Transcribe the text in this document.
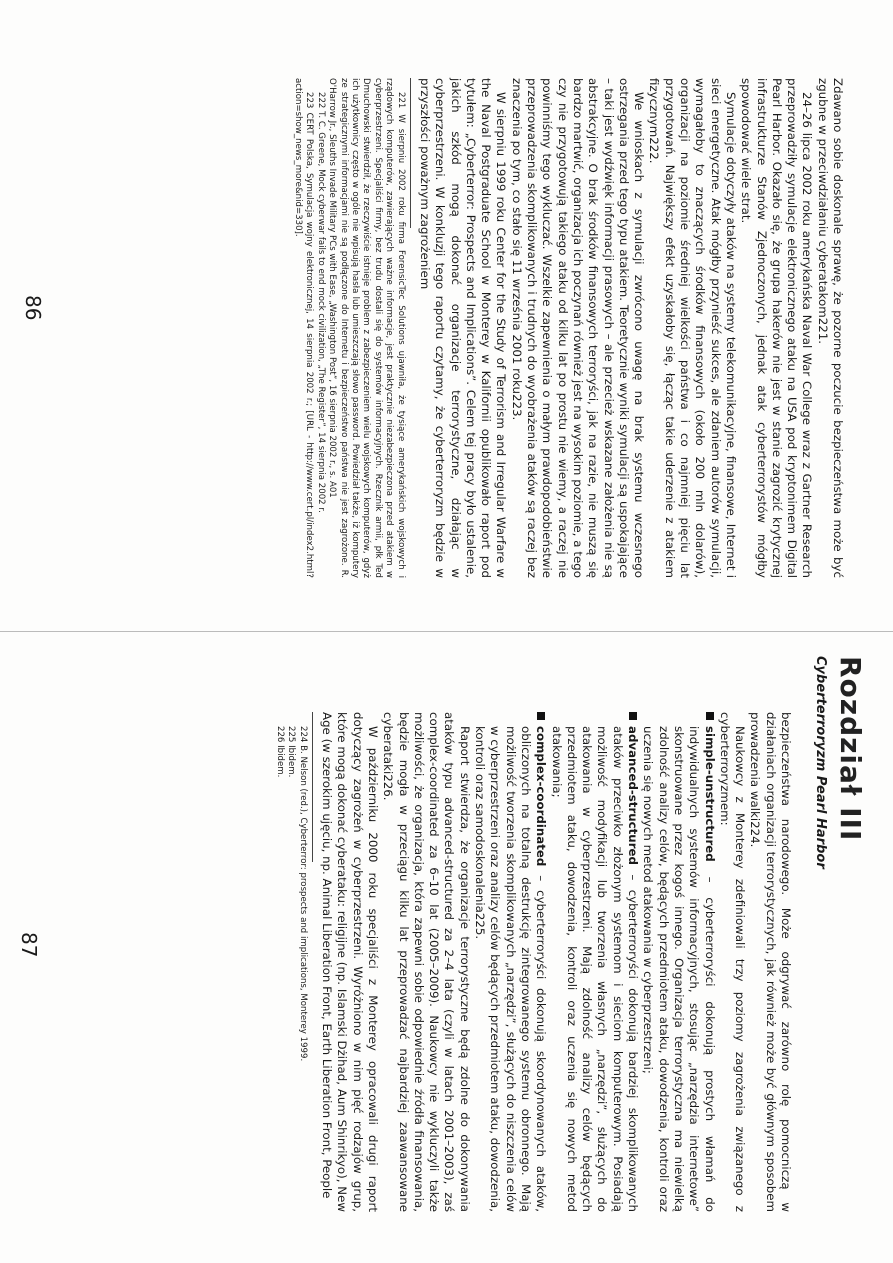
Zdawano sobie doskonale sprawę, że pozorne poczucie bezpieczeństwa może być zgubne w przeciwdziałaniu cyberatakom221.

24–26 lipca 2002 roku amerykańska Naval War College wraz z Gartner Research przeprowadziły symulacje elektronicznego ataku na USA pod kryptonimem Digital Pearl Harbor. Okazało się, że grupa hakerów nie jest w stanie zagrozić krytycznej infrastrukturze Stanów Zjednoczonych, jednak atak cyberterrorystów mógłby spowodować wiele strat.

Symulacje dotyczyły ataków na systemy telekomunikacyjne, finansowe, Internet i sieci energetyczne. Atak mógłby przynieść sukces, ale zdaniem autorów symulacji, wymagałoby to znaczących środków finansowych (około 200 mln dolarów), organizacji na poziomie średniej wielkości państwa i co najmniej pięciu lat przygotowań. Największy efekt uzyskałoby się, łącząc takie uderzenie z atakiem fizycznym222.

We wnioskach z symulacji zwrócono uwagę na brak systemu wczesnego ostrzegania przed tego typu atakiem. Teoretycznie wyniki symulacji są uspokajające – taki jest wydźwięk informacji prasowych – ale przecież wskazane założenia nie są abstrakcyjne. O brak środków finansowych terroryści, jak na razie, nie muszą się bardzo martwić, organizacja ich poczynań również jest na wysokim poziomie, a tego czy nie przygotowują takiego ataku od kilku lat po prostu nie wiemy, a raczej nie powinniśmy tego wykluczać. Wszelkie zapewnienia o małym prawdopodobieństwie przeprowadzenia skomplikowanych i trudnych do wyobrażenia ataków są raczej bez znaczenia po tym, co stało się 11 września 2001 roku223.

W sierpniu 1999 roku Center for the Study of Terrorism and Irregular Warfare w the Naval Postgraduate School w Monterey w Kalifornii opublikowało raport pod tytułem: „Cyberterror: Prospects and Implications”. Celem tej pracy było ustalenie, jakich szkód mogą dokonać organizacje terrorystyczne, działając w cyberprzestrzeni. W konkluzji tego raportu czytamy, że cyberterroryzm będzie w przyszłości poważnym zagrożeniem

221 W sierpniu 2002 roku firma ForensicTec Solutions ujawniła, że tysiące amerykańskich wojskowych i rządowych komputerów, zawierających ważne informacje, jest praktycznie niezabezpieczona przed atakiem w cyberprzestrzeni. Specjaliści firmy, bez trudu dostali się do systemów informacyjnych. Rzecznik armii, płk Ted Dmuchowski stwierdził, że rzeczywiście istnieje problem z zabezpieczeniem wielu wojskowych komputerów, gdyż ich użytkownicy często w ogóle nie wpisują hasła lub umieszczają słowo password. Powiedział także, iż komputery ze strategicznymi informacjami nie są podłączone do Internetu i bezpieczeństwo państwa nie jest zagrożone. R. O'Harrow Jr., Sleuths Invade Military PCs with Ease, „Washington Post”, 16 sierpnia 2002 r., s. A01

222 T. C. Greene, Mock cyberwar fails to end mock civilization, „The Register”, 14 sierpnia 2002 r.

223 CERT Polska, Symulacja wojny elektronicznej, 14 sierpnia 2002 r.; [URL - http://www.cert.pl/index2.html?action=show_news_more&nid=330].

86
Rozdział III
Cyberterroryzm Pearl Harbor

bezpieczeństwa narodowego. Może odgrywać zarówno rolę pomocniczą w działaniach organizacji terrorystycznych, jak również może być głównym sposobem prowadzenia walki224.

Naukowcy z Monterey zdefiniowali trzy poziomy zagrożenia związanego z cyberterroryzmem:

simple-unstructured – cyberterroryści dokonują prostych włamań do indywidualnych systemów informacyjnych, stosując „narzędzia internetowe” skonstruowane przez kogoś innego. Organizacja terrorystyczna ma niewielką zdolność analizy celów, będących przedmiotem ataku, dowodzenia, kontroli oraz uczenia się nowych metod atakowania w cyberprzestrzeni;
advanced-structured – cyberterroryści dokonują bardziej skomplikowanych ataków przeciwko złożonym systemom i sieciom komputerowym. Posiadają możliwość modyfikacji lub tworzenia własnych „narzędzi”, służących do atakowania w cyberprzestrzeni. Mają zdolność analizy celów będących przedmiotem ataku, dowodzenia, kontroli oraz uczenia się nowych metod atakowania;
complex-coordinated – cyberterroryści dokonują skoordynowanych ataków, obliczonych na totalną destrukcję zintegrowanego systemu obronnego. Mają możliwość tworzenia skomplikowanych „narzędzi”, służących do niszczenia celów w cyberprzestrzeni oraz analizy celów będących przedmiotem ataku, dowodzenia, kontroli oraz samodoskonalenia225.

Raport stwierdza, że organizacje terrorystyczne będą zdolne do dokonywania ataków typu advanced-structured za 2–4 lata (czyli w latach 2001–2003), zaś complex-coordinated za 6–10 lat (2005–2009). Naukowcy nie wykluczyli także możliwości, że organizacja, która zapewni sobie odpowiednie źródła finansowania, będzie mogła w przeciągu kilku lat przeprowadzać najbardziej zaawansowane cyberataki226.

W październiku 2000 roku specjaliści z Monterey opracowali drugi raport dotyczący zagrożeń w cyberprzestrzeni. Wyróżniono w nim pięć rodzajów grup, które mogą dokonać cyberataku: religijne (np. Islamski Dżihad, Aum Shinrikyo), New Age (w szerokim ujęciu, np. Animal Liberation Front, Earth Liberation Front, People

224 B. Nelson (red.), Cyberterror: prospects and implications, Monterey 1999.

225 Ibidem.

226 Ibidem.

87
